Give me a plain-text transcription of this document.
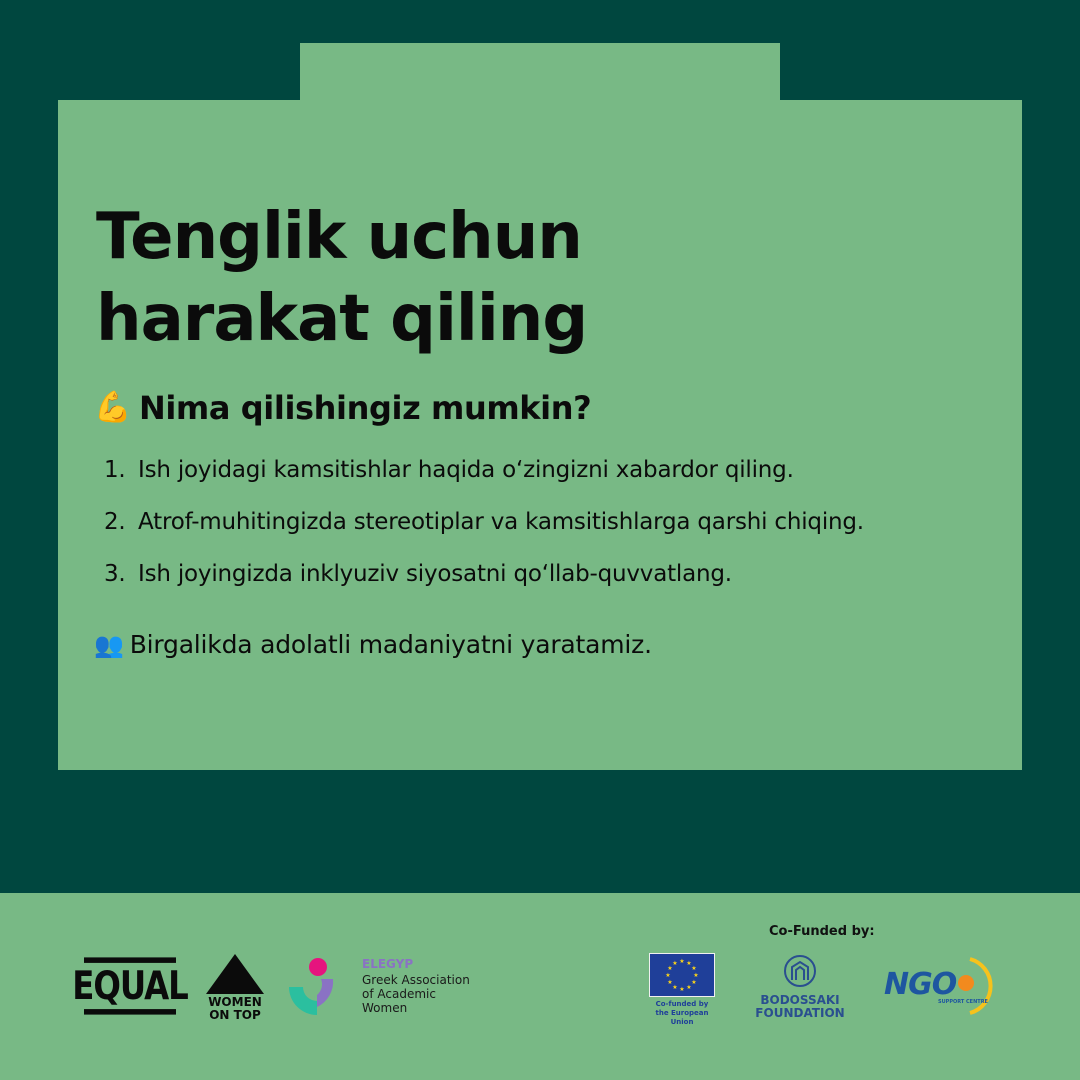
Tenglik uchun
harakat qiling
💪 Nima qilishingiz mumkin?
1. Ish joyidagi kamsitishlar haqida o‘zingizni xabardor qiling.
2. Atrof-muhitingizda stereotiplar va kamsitishlarga qarshi chiqing.
3. Ish joyingizda inklyuziv siyosatni qo‘llab-quvvatlang.

👥 Birgalikda adolatli madaniyatni yaratamiz.

EQUAL WOMEN ON TOP
ELEGYP
Greek Association of Academic Women
Co-Funded by:
★ ★
★
★
★
★
★
★
★
★
★
★
Co-funded by the European Union
BODOSSAKI FOUNDATION
NGO
SUPPORT CENTRE
